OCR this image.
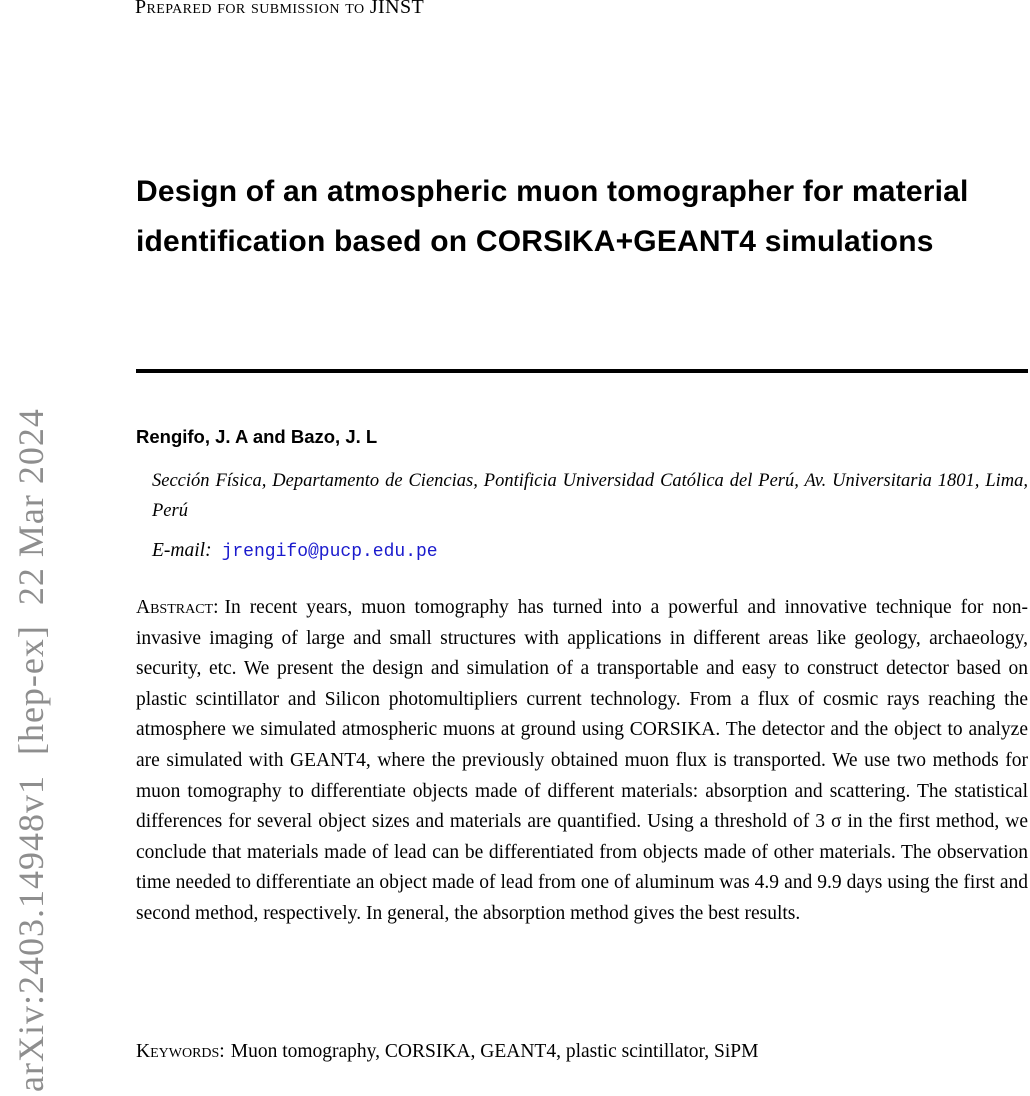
arXiv:2403.14948v1  [hep-ex]  22 Mar 2024
Prepared for submission to JINST
Design of an atmospheric muon tomographer for material identification based on CORSIKA+GEANT4 simulations
Rengifo, J. A and Bazo, J. L

Sección Física, Departamento de Ciencias, Pontificia Universidad Católica del Perú, Av. Universitaria 1801, Lima, Perú

E-mail: jrengifo@pucp.edu.pe

Abstract: In recent years, muon tomography has turned into a powerful and innovative technique for non-invasive imaging of large and small structures with applications in different areas like geology, archaeology, security, etc. We present the design and simulation of a transportable and easy to construct detector based on plastic scintillator and Silicon photomultipliers current technology. From a flux of cosmic rays reaching the atmosphere we simulated atmospheric muons at ground using CORSIKA. The detector and the object to analyze are simulated with GEANT4, where the previously obtained muon flux is transported. We use two methods for muon tomography to differentiate objects made of different materials: absorption and scattering. The statistical differences for several object sizes and materials are quantified. Using a threshold of 3 σ in the first method, we conclude that materials made of lead can be differentiated from objects made of other materials. The observation time needed to differentiate an object made of lead from one of aluminum was 4.9 and 9.9 days using the first and second method, respectively. In general, the absorption method gives the best results.

Keywords: Muon tomography, CORSIKA, GEANT4, plastic scintillator, SiPM
